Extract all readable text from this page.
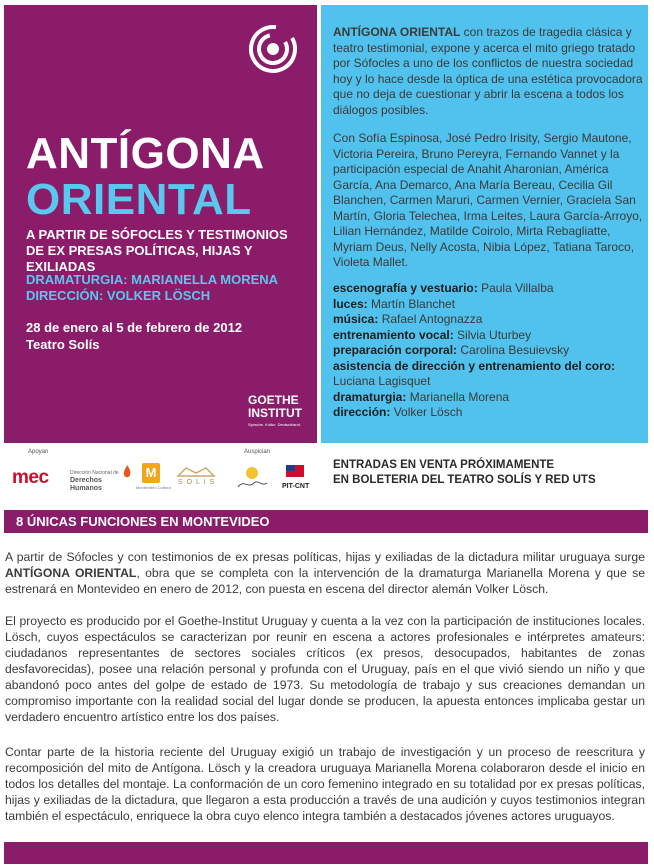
ANTÍGONA
ORIENTAL
A PARTIR DE SÓFOCLES Y TESTIMONIOS DE EX PRESAS POLÍTICAS, HIJAS Y EXILIADAS
DRAMATURGIA: MARIANELLA MORENA
DIRECCIÓN: VOLKER LÖSCH
28 de enero al 5 de febrero de 2012
Teatro Solís
GOETHE
INSTITUT
Sprache. Kultur. Deutschland.

ANTÍGONA ORIENTAL con trazos de tragedia clásica y teatro testimonial, expone y acerca el mito griego tratado por Sófocles a uno de los conflictos de nuestra sociedad hoy y lo hace desde la óptica de una estética provocadora que no deja de cuestionar y abrir la escena a todos los diálogos posibles.

Con Sofía Espinosa, José Pedro Irisity, Sergio Mautone, Victoria Pereira, Bruno Pereyra, Fernando Vannet y la participación especial de Anahit Aharonian, América García, Ana Demarco, Ana María Bereau, Cecilia Gil Blanchen, Carmen Maruri, Carmen Vernier, Graciela San Martín, Gloria Telechea, Irma Leites, Laura García-Arroyo, Lilian Hernández, Matilde Coirolo, Mirta Rebagliatte, Myriam Deus, Nelly Acosta, Nibia López, Tatiana Taroco, Violeta Mallet.

escenografía y vestuario: Paula Villalba
luces: Martín Blanchet
música: Rafael Antognazza
entrenamiento vocal: Silvia Uturbey
preparación corporal: Carolina Besuievsky
asistencia de dirección y entrenamiento del coro: Luciana Lagisquet
dramaturgia: Marianella Morena
dirección: Volker Lösch
Apoyan	Auspician
mec	Dirección Nacional de
Derechos Humanos
M
Montevideo Cultura
S O L I S
PIT-CNT
ENTRADAS EN VENTA PRÓXIMAMENTE
EN BOLETERIA DEL TEATRO SOLÍS Y RED UTS
8 ÚNICAS FUNCIONES EN MONTEVIDEO

A partir de Sófocles y con testimonios de ex presas políticas, hijas y exiliadas de la dictadura militar uruguaya surge ANTÍGONA ORIENTAL, obra que se completa con la intervención de la dramaturga Marianella Morena y que se estrenará en Montevideo en enero de 2012, con puesta en escena del director alemán Volker Lösch.

El proyecto es producido por el Goethe-Institut Uruguay y cuenta a la vez con la participación de instituciones locales. Lösch, cuyos espectáculos se caracterizan por reunir en escena a actores profesionales e intérpretes amateurs: ciudadanos representantes de sectores sociales críticos (ex presos, desocupados, habitantes de zonas desfavorecidas), posee una relación personal y profunda con el Uruguay, país en el que vivió siendo un niño y que abandonó poco antes del golpe de estado de 1973. Su metodología de trabajo y sus creaciones demandan un compromiso importante con la realidad social del lugar donde se producen, la apuesta entonces implicaba gestar un verdadero encuentro artístico entre los dos países.

Contar parte de la historia reciente del Uruguay exigió un trabajo de investigación y un proceso de reescritura y recomposición del mito de Antígona. Lösch y la creadora uruguaya Marianella Morena colaboraron desde el inicio en todos los detalles del montaje. La conformación de un coro femenino integrado en su totalidad por ex presas políticas, hijas y exiliadas de la dictadura, que llegaron a esta producción a través de una audición y cuyos testimonios integran también el espectáculo, enriquece la obra cuyo elenco integra también a destacados jóvenes actores uruguayos.
